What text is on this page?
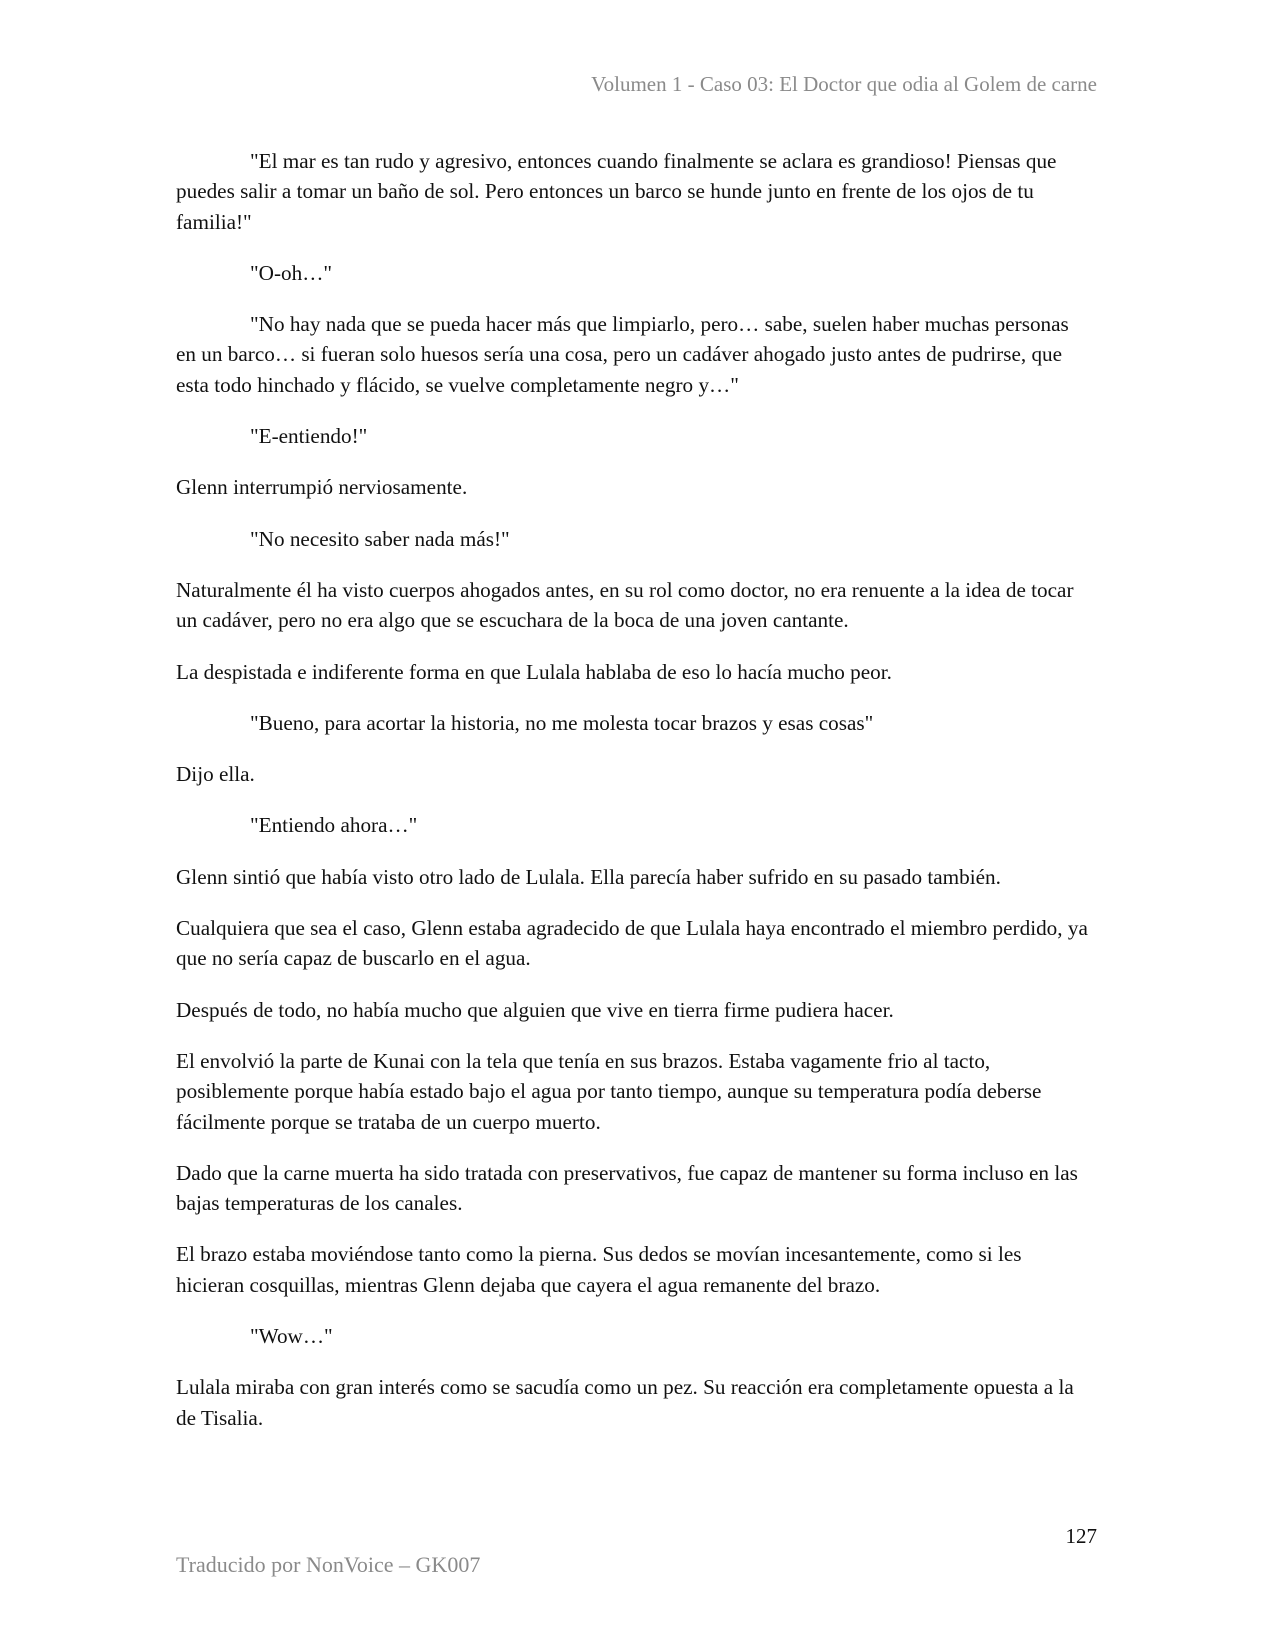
Volumen 1 - Caso 03: El Doctor que odia al Golem de carne

"El mar es tan rudo y agresivo, entonces cuando finalmente se aclara es grandioso! Piensas que puedes salir a tomar un baño de sol. Pero entonces un barco se hunde junto en frente de los ojos de tu familia!"

"O-oh…"

"No hay nada que se pueda hacer más que limpiarlo, pero… sabe, suelen haber muchas personas en un barco… si fueran solo huesos sería una cosa, pero un cadáver ahogado justo antes de pudrirse, que esta todo hinchado y flácido, se vuelve completamente negro y…"

"E-entiendo!"

Glenn interrumpió nerviosamente.

"No necesito saber nada más!"

Naturalmente él ha visto cuerpos ahogados antes, en su rol como doctor, no era renuente a la idea de tocar un cadáver, pero no era algo que se escuchara de la boca de una joven cantante.

La despistada e indiferente forma en que Lulala hablaba de eso lo hacía mucho peor.

"Bueno, para acortar la historia, no me molesta tocar brazos y esas cosas"

Dijo ella.

"Entiendo ahora…"

Glenn sintió que había visto otro lado de Lulala. Ella parecía haber sufrido en su pasado también.

Cualquiera que sea el caso, Glenn estaba agradecido de que Lulala haya encontrado el miembro perdido, ya que no sería capaz de buscarlo en el agua.

Después de todo, no había mucho que alguien que vive en tierra firme pudiera hacer.

El envolvió la parte de Kunai con la tela que tenía en sus brazos. Estaba vagamente frio al tacto, posiblemente porque había estado bajo el agua por tanto tiempo, aunque su temperatura podía deberse fácilmente porque se trataba de un cuerpo muerto.

Dado que la carne muerta ha sido tratada con preservativos, fue capaz de mantener su forma incluso en las bajas temperaturas de los canales.

El brazo estaba moviéndose tanto como la pierna. Sus dedos se movían incesantemente, como si les hicieran cosquillas, mientras Glenn dejaba que cayera el agua remanente del brazo.

"Wow…"

Lulala miraba con gran interés como se sacudía como un pez. Su reacción era completamente opuesta a la de Tisalia.

127
Traducido por NonVoice – GK007
